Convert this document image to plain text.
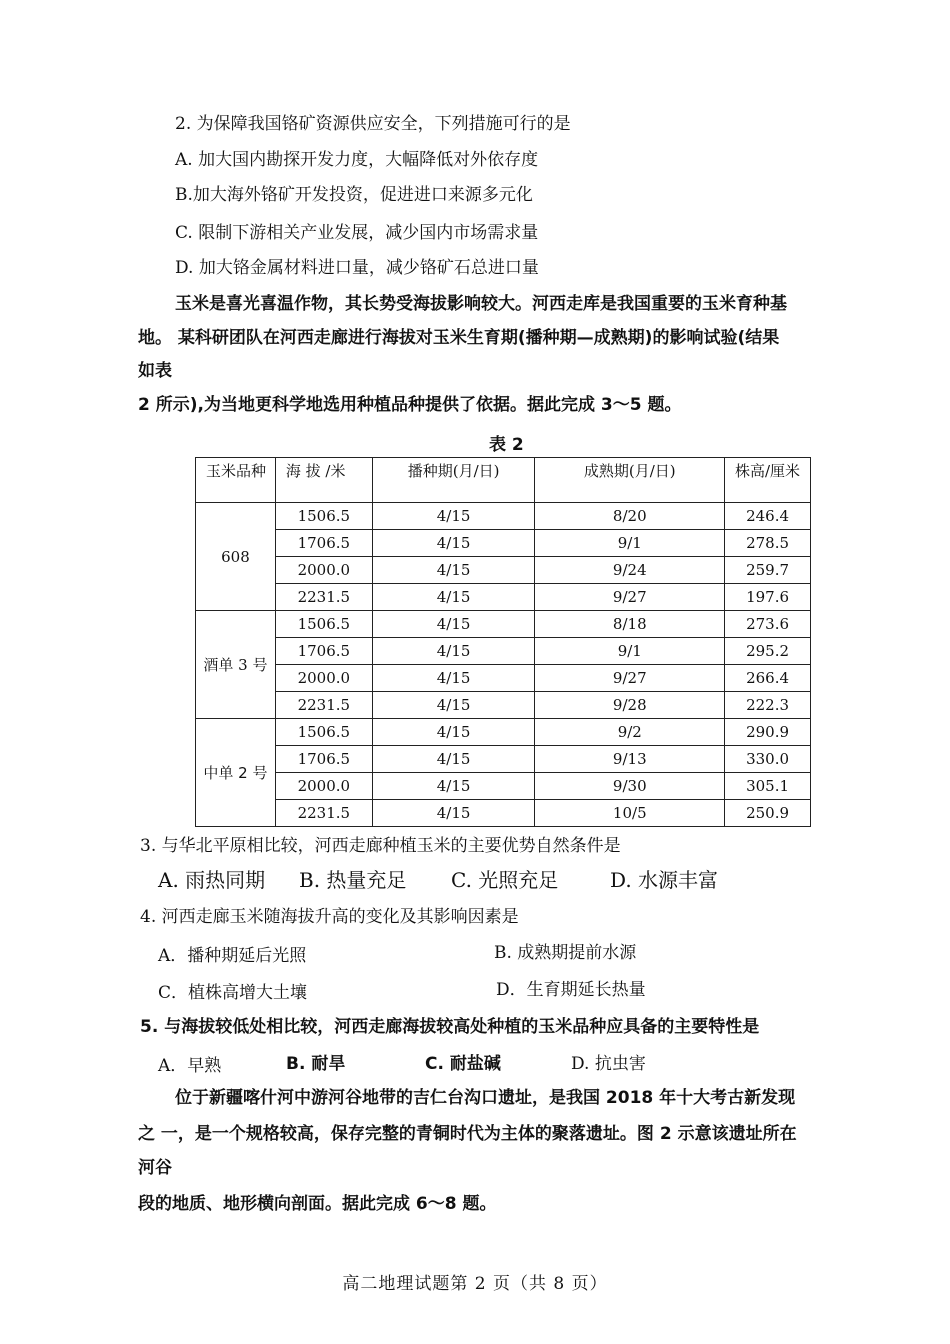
2. 为保障我国铬矿资源供应安全，下列措施可行的是
A. 加大国内勘探开发力度，大幅降低对外依存度
B.加大海外铬矿开发投资，促进进口来源多元化
C. 限制下游相关产业发展，减少国内市场需求量
D. 加大铬金属材料进口量，减少铬矿石总进口量
玉米是喜光喜温作物，其长势受海拔影响较大。河西走库是我国重要的玉米育种基
地。 某科研团队在河西走廊进行海拔对玉米生育期(播种期—成熟期)的影响试验(结果
如表
2 所示),为当地更科学地选用种植品种提供了依据。据此完成 3～5 题。
表 2
玉米品种	海 拔 /米	播种期(月/日)	成熟期(月/日)	株高/厘米
608	1506.5	4/15	8/20	246.4
	1706.5	4/15	9/1	278.5
	2000.0	4/15	9/24	259.7
	2231.5	4/15	9/27	197.6
酒单 3 号	1506.5	4/15	8/18	273.6
	1706.5	4/15	9/1	295.2
	2000.0	4/15	9/27	266.4
	2231.5	4/15	9/28	222.3
中单 2 号	1506.5	4/15	9/2	290.9
	1706.5	4/15	9/13	330.0
	2000.0	4/15	9/30	305.1
	2231.5	4/15	10/5	250.9
3. 与华北平原相比较，河西走廊种植玉米的主要优势自然条件是
A. 雨热同期 B. 热量充足 C. 光照充足	D. 水源丰富
4. 河西走廊玉米随海拔升高的变化及其影响因素是
A．播种期延后光照	B. 成熟期提前水源
C．植株高增大土壤	D．生育期延长热量
5. 与海拔较低处相比较，河西走廊海拔较高处种植的玉米品种应具备的主要特性是
A．早熟	B. 耐旱	C. 耐盐碱	D. 抗虫害
位于新疆喀什河中游河谷地带的吉仁台沟口遗址，是我国 2018 年十大考古新发现
之 一，是一个规格较高，保存完整的青铜时代为主体的聚落遗址。图 2 示意该遗址所在
河谷
段的地质、地形横向剖面。据此完成 6～8 题。
高二地理试题第 2 页（共 8 页）
